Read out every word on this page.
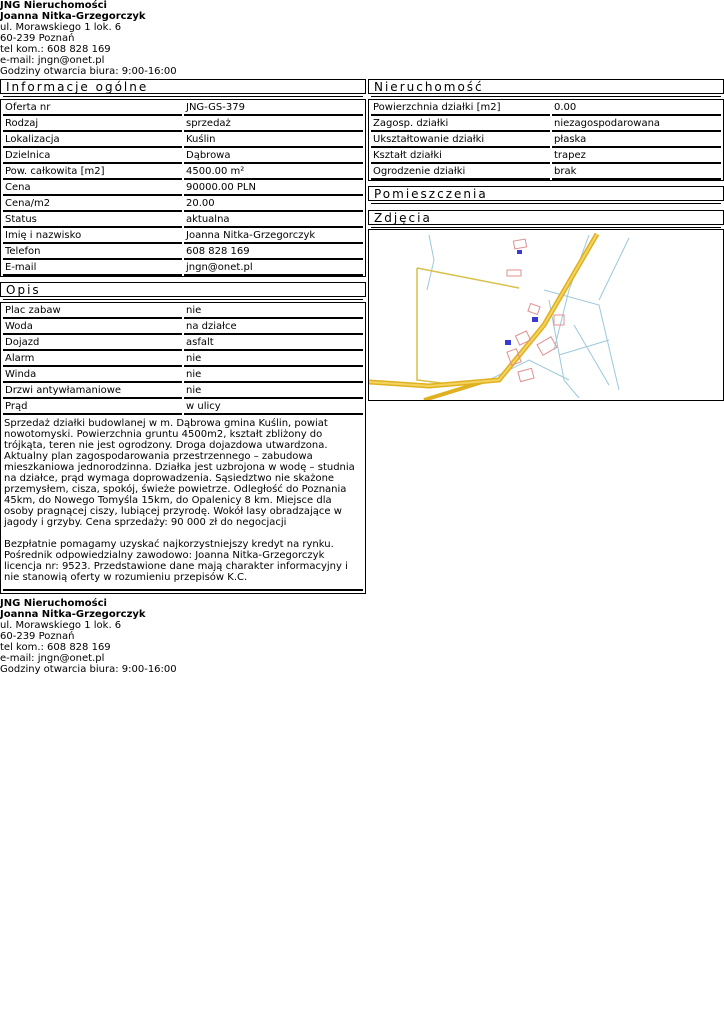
JNG Nieruchomości
Joanna Nitka-Grzegorczyk
ul. Morawskiego 1 lok. 6
60-239 Poznań
tel kom.: 608 828 169
e-mail: jngn@onet.pl
Godziny otwarcia biura: 9:00-16:00
Informacje ogólne
Oferta nr	JNG-GS-379
Rodzaj	sprzedaż
Lokalizacja	Kuślin
Dzielnica	Dąbrowa
Pow. całkowita [m2]	4500.00 m²
Cena	90000.00 PLN
Cena/m2	20.00
Status	aktualna
Imię i nazwisko	Joanna Nitka-Grzegorczyk
Telefon	608 828 169
E-mail	jngn@onet.pl
Opis
Plac zabaw	nie
Woda	na działce
Dojazd	asfalt
Alarm	nie
Winda	nie
Drzwi antywłamaniowe	nie
Prąd	w ulicy

Sprzedaż działki budowlanej w m. Dąbrowa gmina Kuślin, powiat nowotomyski. Powierzchnia gruntu 4500m2, kształt zbliżony do trójkąta, teren nie jest ogrodzony. Droga dojazdowa utwardzona. Aktualny plan zagospodarowania przestrzennego – zabudowa mieszkaniowa jednorodzinna. Działka jest uzbrojona w wodę – studnia na działce, prąd wymaga doprowadzenia. Sąsiedztwo nie skażone przemysłem, cisza, spokój, świeże powietrze. Odległość do Poznania 45km, do Nowego Tomyśla 15km, do Opalenicy 8 km. Miejsce dla osoby pragnącej ciszy, lubiącej przyrodę. Wokół lasy obradzające w jagody i grzyby. Cena sprzedaży: 90 000 zł do negocjacji

Bezpłatnie pomagamy uzyskać najkorzystniejszy kredyt na rynku. Pośrednik odpowiedzialny zawodowo: Joanna Nitka-Grzegorczyk licencja nr: 9523. Przedstawione dane mają charakter informacyjny i nie stanowią oferty w rozumieniu przepisów K.C.

Nieruchomość
Powierzchnia działki [m2]	0.00
Zagosp. działki	niezagospodarowana
Ukształtowanie działki	płaska
Kształt działki	trapez
Ogrodzenie działki	brak
Pomieszczenia
Zdjęcia
JNG Nieruchomości
Joanna Nitka-Grzegorczyk
ul. Morawskiego 1 lok. 6
60-239 Poznań
tel kom.: 608 828 169
e-mail: jngn@onet.pl
Godziny otwarcia biura: 9:00-16:00
